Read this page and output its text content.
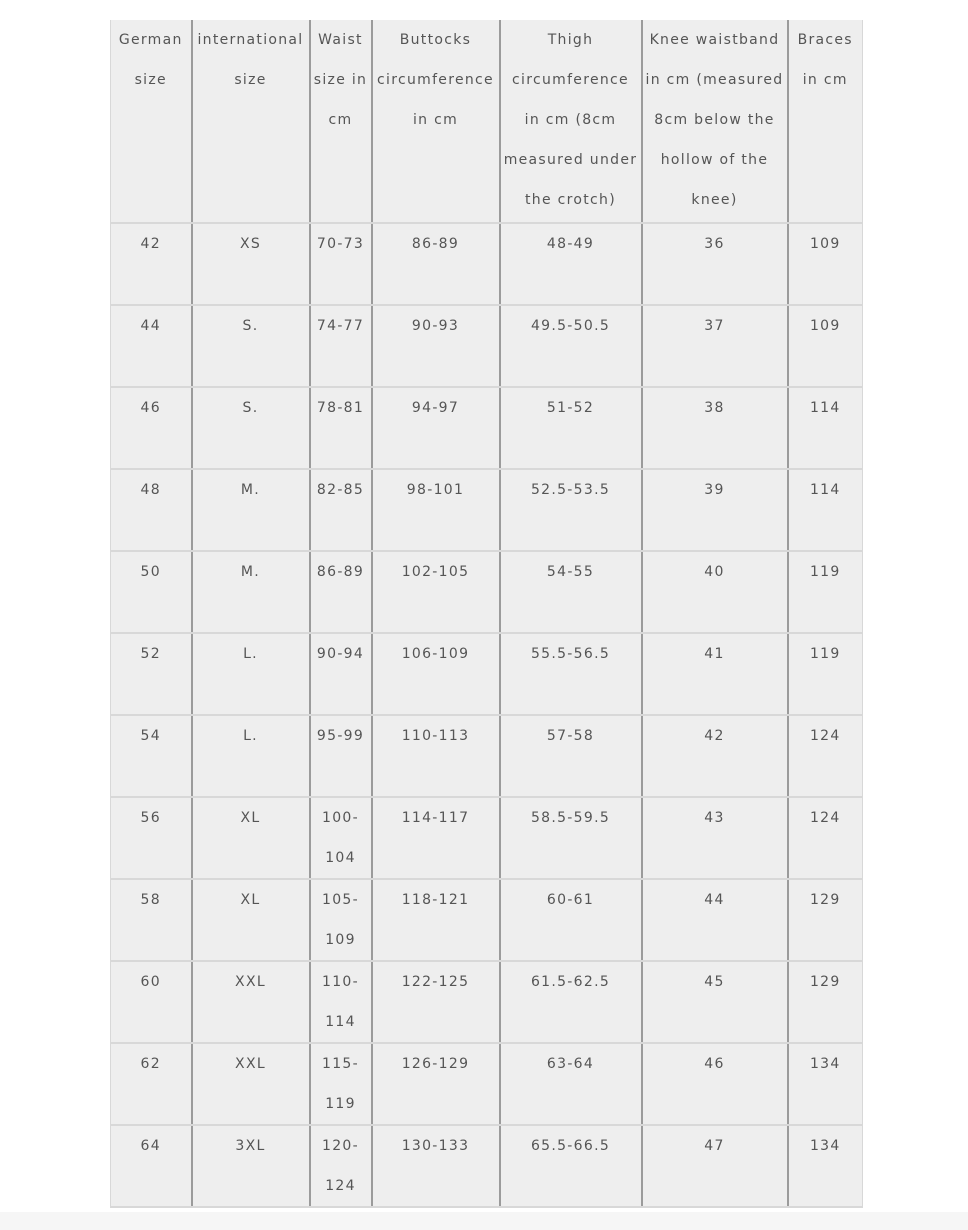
German size	international size	Waist size in cm	Buttocks circumference in cm	Thigh circumference in cm (8cm measured under the crotch)	Knee waistband in cm (measured 8cm below the hollow of the knee)	Braces in cm
42	XS	70-73	86-89	48-49	36	109
44	S.	74-77	90-93	49.5-50.5	37	109
46	S.	78-81	94-97	51-52	38	114
48	M.	82-85	98-101	52.5-53.5	39	114
50	M.	86-89	102-105	54-55	40	119
52	L.	90-94	106-109	55.5-56.5	41	119
54	L.	95-99	110-113	57-58	42	124
56	XL	100-104	114-117	58.5-59.5	43	124
58	XL	105-109	118-121	60-61	44	129
60	XXL	110-114	122-125	61.5-62.5	45	129
62	XXL	115-119	126-129	63-64	46	134
64	3XL	120-124	130-133	65.5-66.5	47	134
